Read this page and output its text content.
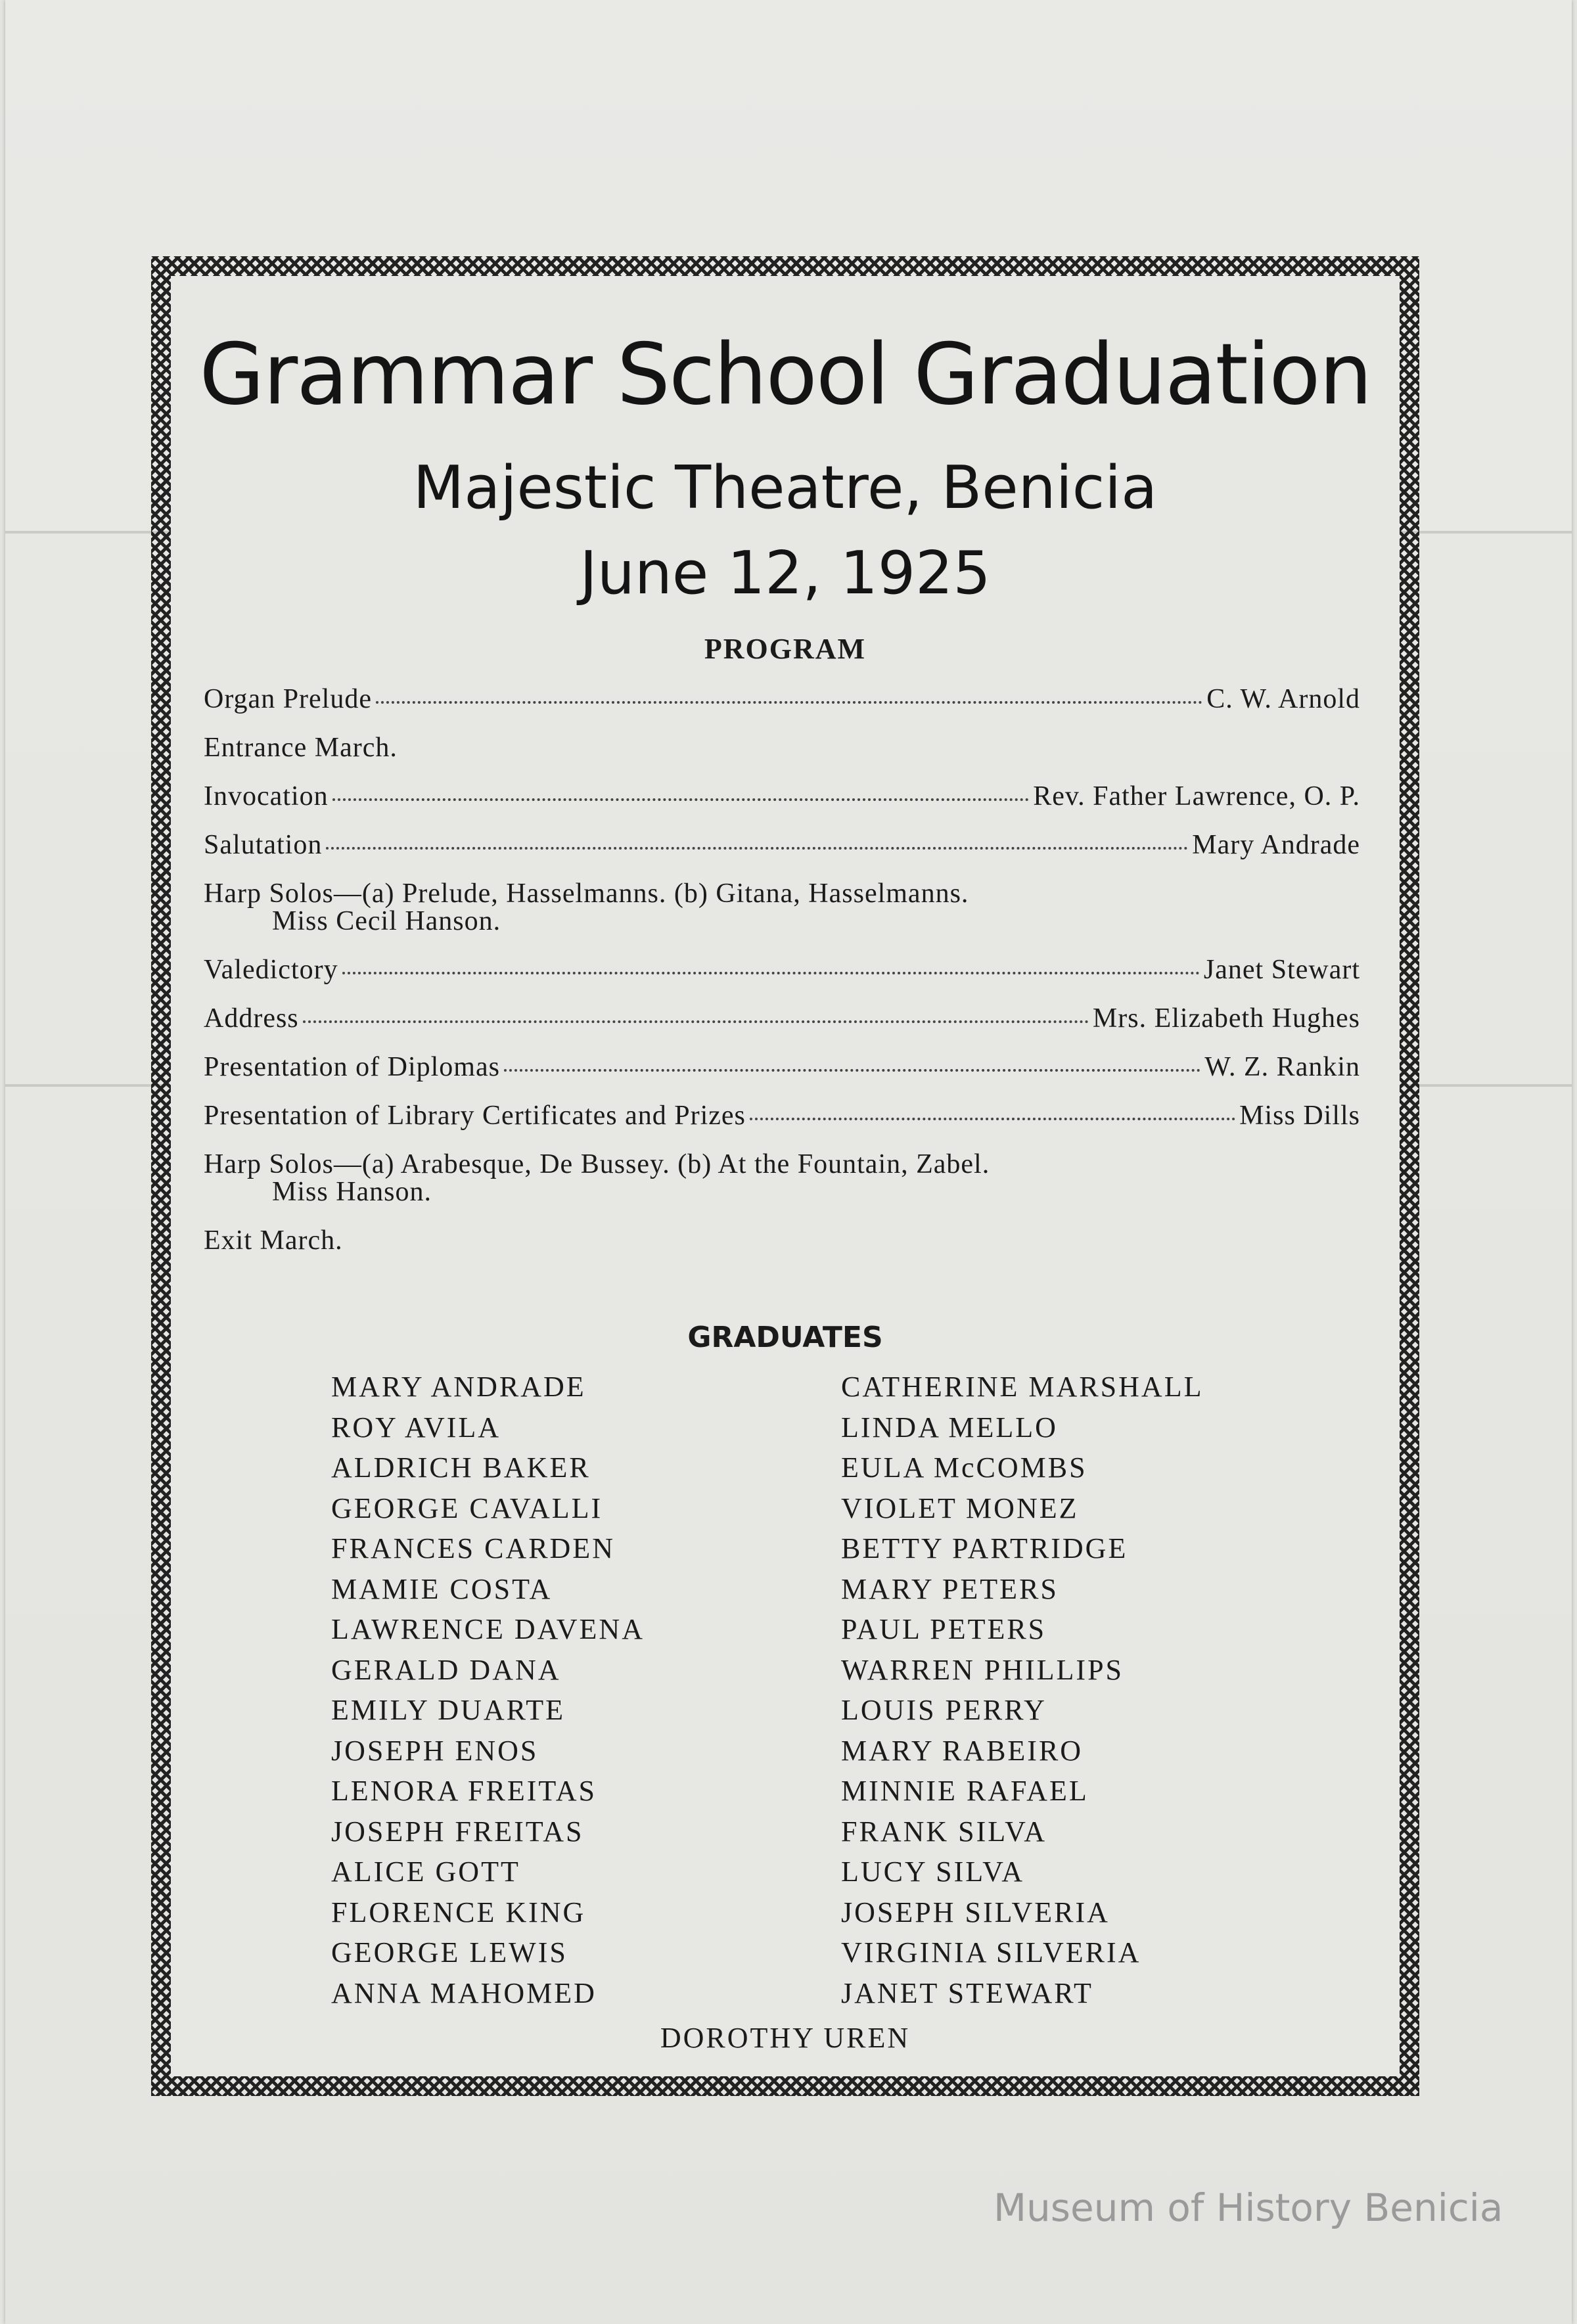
Grammar School Graduation
Majestic Theatre, Benicia
June 12, 1925
PROGRAM
Organ Prelude	C. W. Arnold
Entrance March.
Invocation	Rev. Father Lawrence, O. P.
Salutation	Mary Andrade
Harp Solos—(a) Prelude, Hasselmanns. (b) Gitana, Hasselmanns.
Miss Cecil Hanson.
Valedictory	Janet Stewart
Address	Mrs. Elizabeth Hughes
Presentation of Diplomas	W. Z. Rankin
Presentation of Library Certificates and Prizes	Miss Dills
Harp Solos—(a) Arabesque, De Bussey. (b) At the Fountain, Zabel.
Miss Hanson.
Exit March.
GRADUATES
MARY ANDRADE
ROY AVILA
ALDRICH BAKER
GEORGE CAVALLI
FRANCES CARDEN
MAMIE COSTA
LAWRENCE DAVENA
GERALD DANA
EMILY DUARTE
JOSEPH ENOS
LENORA FREITAS
JOSEPH FREITAS
ALICE GOTT
FLORENCE KING
GEORGE LEWIS
ANNA MAHOMED
CATHERINE MARSHALL
LINDA MELLO
EULA McCOMBS
VIOLET MONEZ
BETTY PARTRIDGE
MARY PETERS
PAUL PETERS
WARREN PHILLIPS
LOUIS PERRY
MARY RABEIRO
MINNIE RAFAEL
FRANK SILVA
LUCY SILVA
JOSEPH SILVERIA
VIRGINIA SILVERIA
JANET STEWART
DOROTHY UREN
Museum of History Benicia
